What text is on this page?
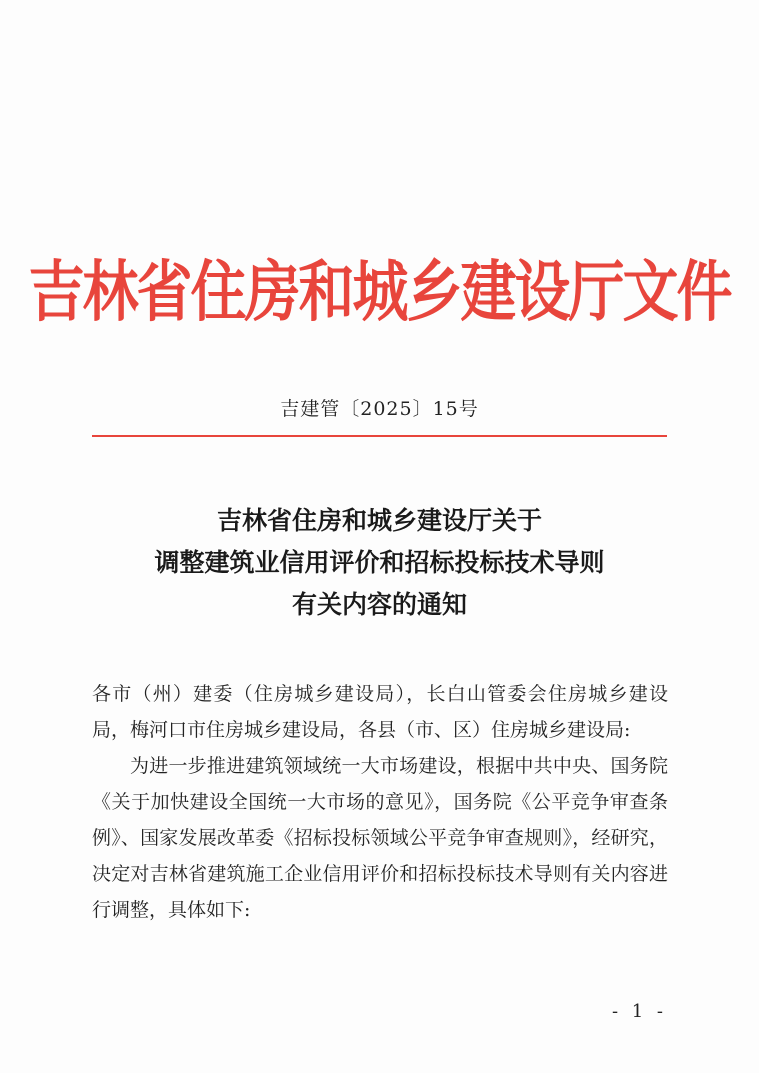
吉林省住房和城乡建设厅文件
吉建管〔2025〕15号
吉林省住房和城乡建设厅关于
调整建筑业信用评价和招标投标技术导则
有关内容的通知

各市（州）建委（住房城乡建设局），长白山管委会住房城乡建设局，梅河口市住房城乡建设局，各县（市、区）住房城乡建设局:

为进一步推进建筑领域统一大市场建设，根据中共中央、国务院《关于加快建设全国统一大市场的意见》，国务院《公平竞争审查条例》、国家发展改革委《招标投标领域公平竞争审查规则》，经研究，决定对吉林省建筑施工企业信用评价和招标投标技术导则有关内容进行调整，具体如下:

- 1 -
